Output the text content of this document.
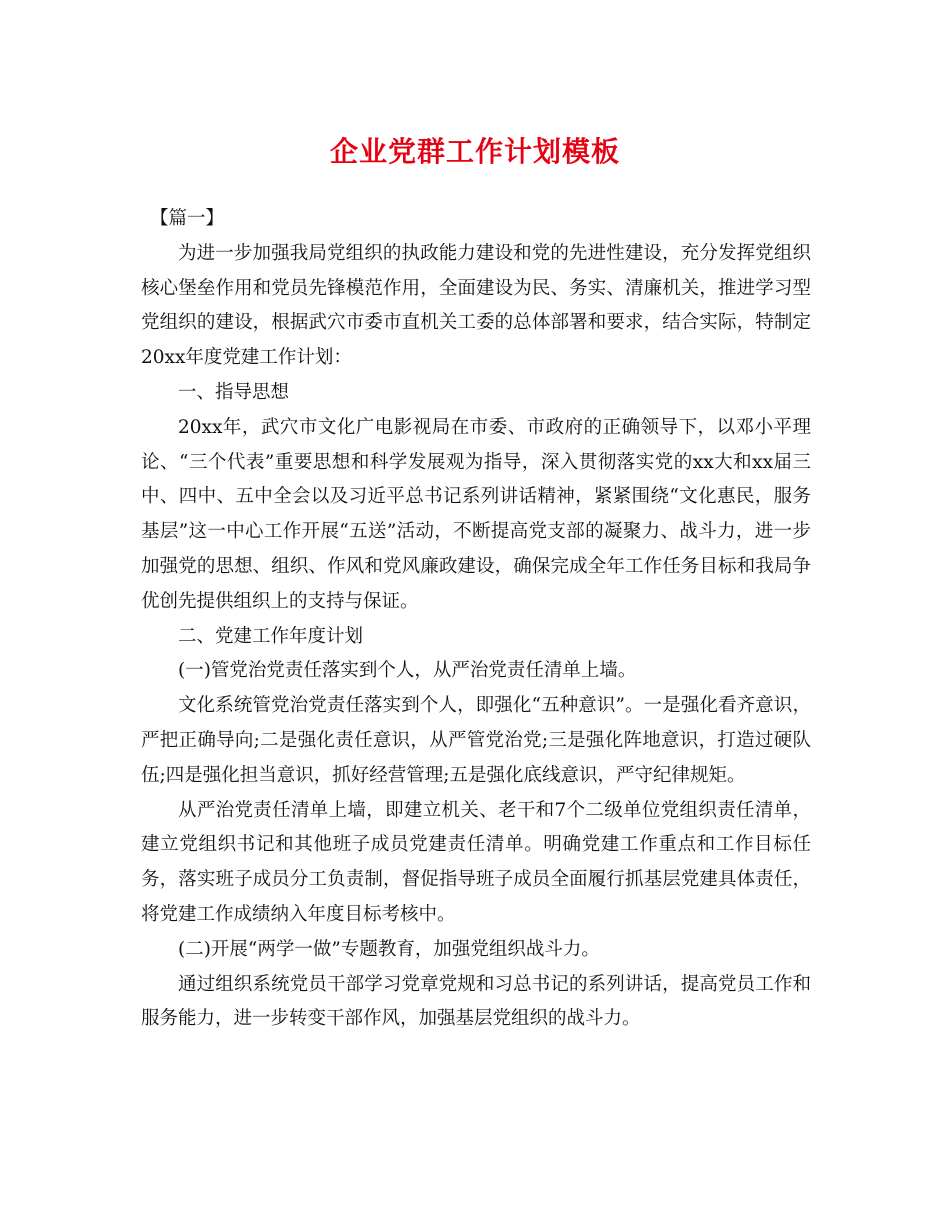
企业党群工作计划模板

【篇一】

为进一步加强我局党组织的执政能力建设和党的先进性建设，充分发挥党组织核心堡垒作用和党员先锋模范作用，全面建设为民、务实、清廉机关，推进学习型党组织的建设，根据武穴市委市直机关工委的总体部署和要求，结合实际，特制定20xx年度党建工作计划：

一、指导思想

20xx年，武穴市文化广电影视局在市委、市政府的正确领导下，以邓小平理论、“三个代表”重要思想和科学发展观为指导，深入贯彻落实党的xx大和xx届三中、四中、五中全会以及习近平总书记系列讲话精神，紧紧围绕“文化惠民，服务基层”这一中心工作开展“五送”活动，不断提高党支部的凝聚力、战斗力，进一步加强党的思想、组织、作风和党风廉政建设，确保完成全年工作任务目标和我局争优创先提供组织上的支持与保证。

二、党建工作年度计划

(一)管党治党责任落实到个人，从严治党责任清单上墙。

文化系统管党治党责任落实到个人，即强化“五种意识”。一是强化看齐意识，严把正确导向;二是强化责任意识，从严管党治党;三是强化阵地意识，打造过硬队伍;四是强化担当意识，抓好经营管理;五是强化底线意识，严守纪律规矩。

从严治党责任清单上墙，即建立机关、老干和7个二级单位党组织责任清单，建立党组织书记和其他班子成员党建责任清单。明确党建工作重点和工作目标任务，落实班子成员分工负责制，督促指导班子成员全面履行抓基层党建具体责任，将党建工作成绩纳入年度目标考核中。

(二)开展“两学一做”专题教育，加强党组织战斗力。

通过组织系统党员干部学习党章党规和习总书记的系列讲话，提高党员工作和服务能力，进一步转变干部作风，加强基层党组织的战斗力。
